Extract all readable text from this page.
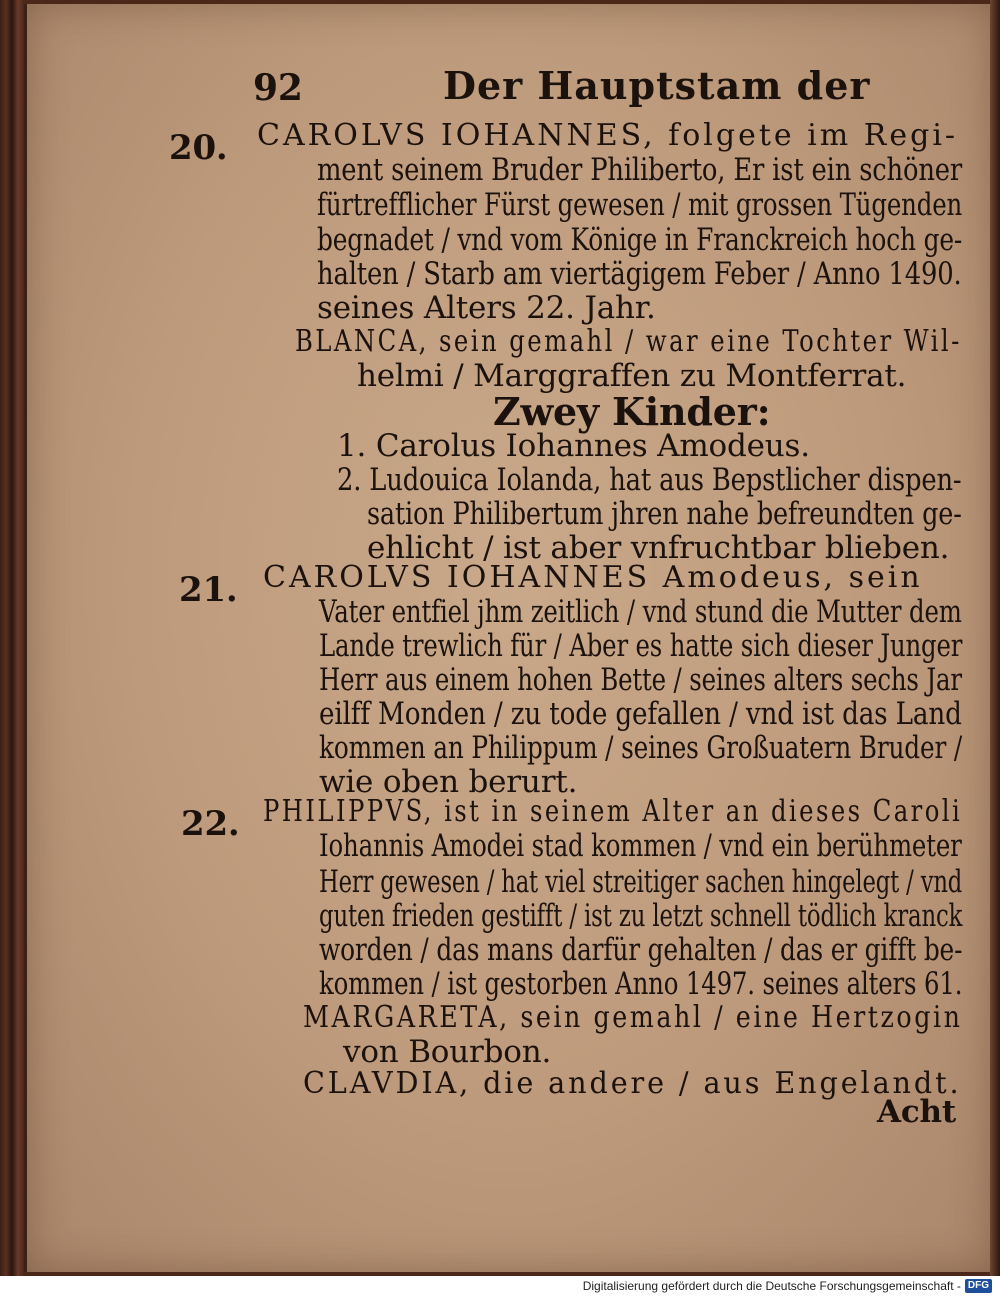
92	Der Hauptstam der
20. CAROLVS IOHANNES, folgete im Regi-
ment seinem Bruder Philiberto, Er ist ein schöner
fürtrefflicher Fürst gewesen / mit grossen Tügenden
begnadet / vnd vom Könige in Franckreich hoch ge-
halten / Starb am viertägigem Feber / Anno 1490.
seines Alters 22. Jahr.
BLANCA, sein gemahl / war eine Tochter Wil-
helmi / Marggraffen zu Montferrat.
Zwey Kinder:
1. Carolus Iohannes Amodeus.
2. Ludouica Iolanda, hat aus Bepstlicher dispen-
sation Philibertum jhren nahe befreundten ge-
ehlicht / ist aber vnfruchtbar blieben.
21. CAROLVS IOHANNES Amodeus, sein
Vater entfiel jhm zeitlich / vnd stund die Mutter dem
Lande trewlich für / Aber es hatte sich dieser Junger
Herr aus einem hohen Bette / seines alters sechs Jar
eilff Monden / zu tode gefallen / vnd ist das Land
kommen an Philippum / seines Großuatern Bruder /
wie oben berurt.
22. PHILIPPVS, ist in seinem Alter an dieses Caroli
Iohannis Amodei stad kommen / vnd ein berühmeter
Herr gewesen / hat viel streitiger sachen hingelegt / vnd
guten frieden gestifft / ist zu letzt schnell tödlich kranck
worden / das mans darfür gehalten / das er gifft be-
kommen / ist gestorben Anno 1497. seines alters 61.
MARGARETA, sein gemahl / eine Hertzogin
von Bourbon.
CLAVDIA, die andere / aus Engelandt.
Acht
Digitalisierung gefördert durch die Deutsche Forschungsgemeinschaft - DFG
